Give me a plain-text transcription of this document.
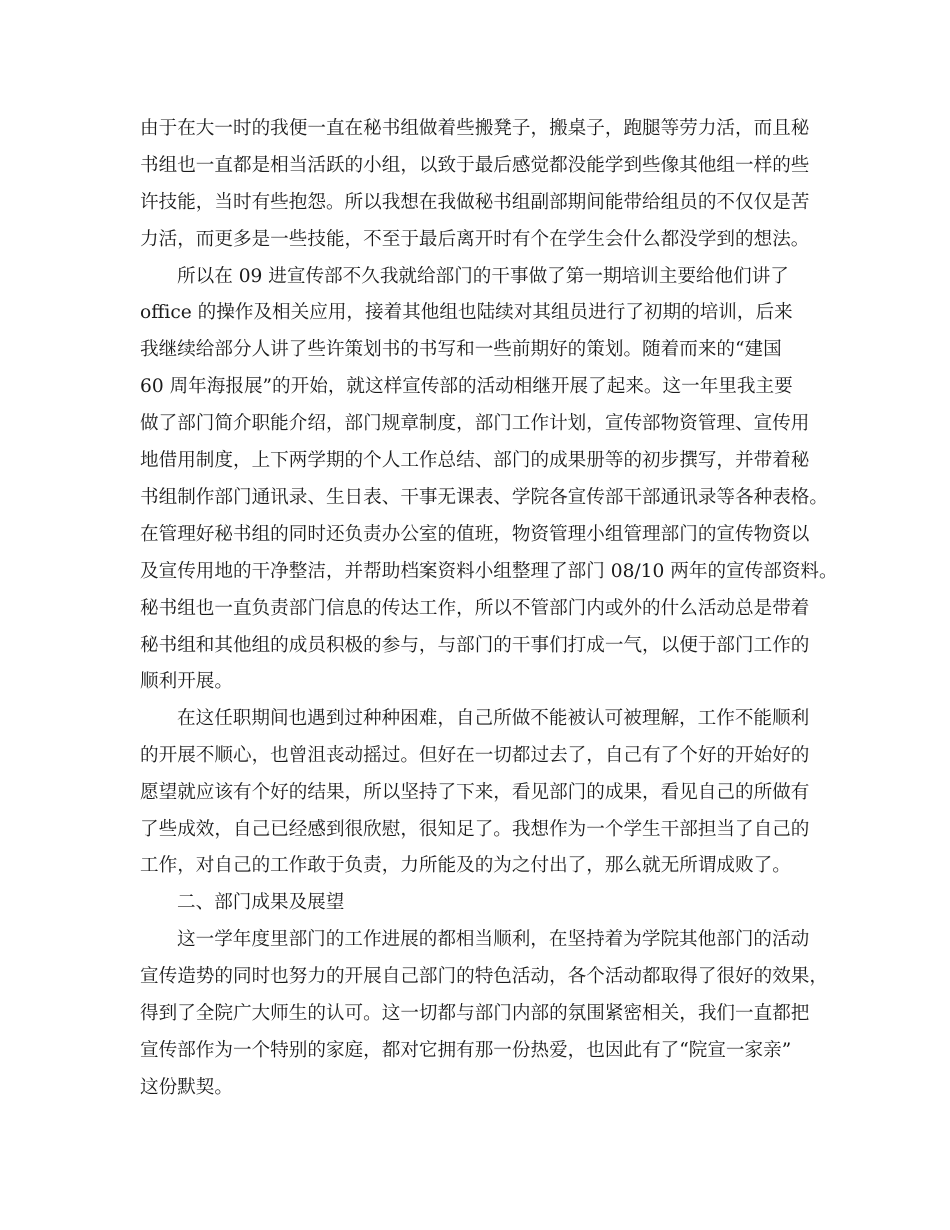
由于在大一时的我便一直在秘书组做着些搬凳子，搬桌子，跑腿等劳力活，而且秘
书组也一直都是相当活跃的小组，以致于最后感觉都没能学到些像其他组一样的些
许技能，当时有些抱怨。所以我想在我做秘书组副部期间能带给组员的不仅仅是苦
力活，而更多是一些技能，不至于最后离开时有个在学生会什么都没学到的想法。
所以在 09 进宣传部不久我就给部门的干事做了第一期培训主要给他们讲了
office 的操作及相关应用，接着其他组也陆续对其组员进行了初期的培训，后来
我继续给部分人讲了些许策划书的书写和一些前期好的策划。随着而来的“建国
60 周年海报展”的开始，就这样宣传部的活动相继开展了起来。这一年里我主要
做了部门简介职能介绍，部门规章制度，部门工作计划，宣传部物资管理、宣传用
地借用制度，上下两学期的个人工作总结、部门的成果册等的初步撰写，并带着秘
书组制作部门通讯录、生日表、干事无课表、学院各宣传部干部通讯录等各种表格。
在管理好秘书组的同时还负责办公室的值班，物资管理小组管理部门的宣传物资以
及宣传用地的干净整洁，并帮助档案资料小组整理了部门 08/10 两年的宣传部资料。
秘书组也一直负责部门信息的传达工作，所以不管部门内或外的什么活动总是带着
秘书组和其他组的成员积极的参与，与部门的干事们打成一气，以便于部门工作的
顺利开展。
在这任职期间也遇到过种种困难，自己所做不能被认可被理解，工作不能顺利
的开展不顺心，也曾沮丧动摇过。但好在一切都过去了，自己有了个好的开始好的
愿望就应该有个好的结果，所以坚持了下来，看见部门的成果，看见自己的所做有
了些成效，自己已经感到很欣慰，很知足了。我想作为一个学生干部担当了自己的
工作，对自己的工作敢于负责，力所能及的为之付出了，那么就无所谓成败了。
二、部门成果及展望
这一学年度里部门的工作进展的都相当顺利，在坚持着为学院其他部门的活动
宣传造势的同时也努力的开展自己部门的特色活动，各个活动都取得了很好的效果，
得到了全院广大师生的认可。这一切都与部门内部的氛围紧密相关，我们一直都把
宣传部作为一个特别的家庭，都对它拥有那一份热爱，也因此有了“院宣一家亲”
这份默契。
